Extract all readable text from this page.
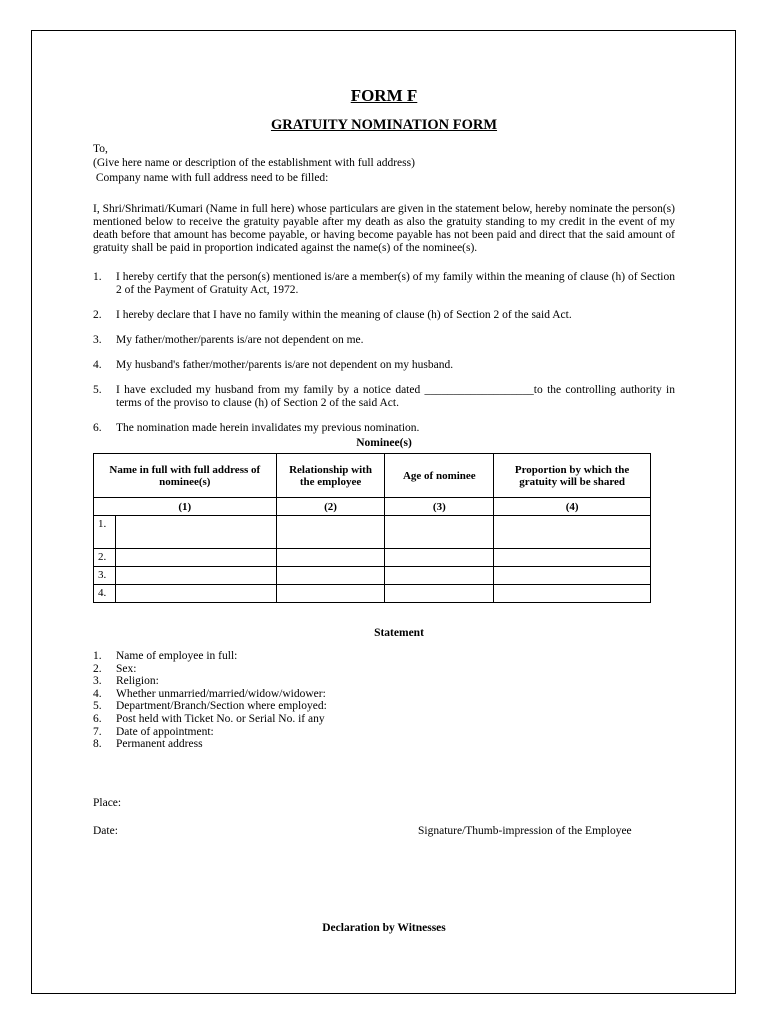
FORM F
GRATUITY NOMINATION FORM
To,
(Give here name or description of the establishment with full address)
Company name with full address need to be filled:
I, Shri/Shrimati/Kumari (Name in full here) whose particulars are given in the statement below, hereby nominate the person(s) mentioned below to receive the gratuity payable after my death as also the gratuity standing to my credit in the event of my death before that amount has become payable, or having become payable has not been paid and direct that the said amount of gratuity shall be paid in proportion indicated against the name(s) of the nominee(s).
1.	I hereby certify that the person(s) mentioned is/are a member(s) of my family within the meaning of clause (h) of Section 2 of the Payment of Gratuity Act, 1972.
2.	I hereby declare that I have no family within the meaning of clause (h) of Section 2 of the said Act.
3.	My father/mother/parents is/are not dependent on me.
4.	My husband's father/mother/parents is/are not dependent on my husband.
5.	I have excluded my husband from my family by a notice dated ___________________to the controlling authority in terms of the proviso to clause (h) of Section 2 of the said Act.
6.	The nomination made herein invalidates my previous nomination.
Nominee(s)
Name in full with full address of nominee(s)		Relationship with the employee	Age of nominee	Proportion by which the gratuity will be shared
(1)		(2)	(3)	(4)
1.				
2.				
3.				
4.				
Statement
1.	Name of employee in full:
2.	Sex:
3.	Religion:
4.	Whether unmarried/married/widow/widower:
5.	Department/Branch/Section where employed:
6.	Post held with Ticket No. or Serial No. if any
7.	Date of appointment:
8.	Permanent address
Place:
Date:	Signature/Thumb-impression of the Employee
Declaration by Witnesses
